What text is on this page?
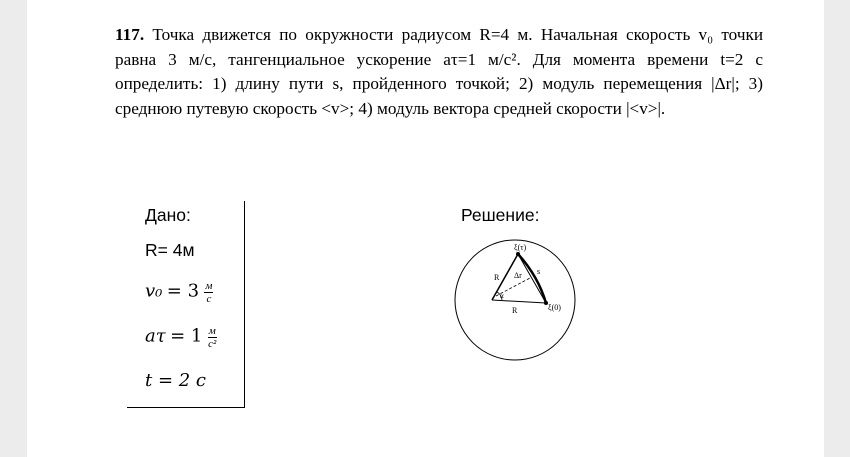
117. Точка движется по окружности радиусом R=4 м. Начальная скорость v₀ точки равна 3 м/с, тангенциальное ускорение aτ=1 м/с². Для момента времени t=2 с определить: 1) длину пути s, пройденного точкой; 2) модуль перемещения |Δr|; 3) среднюю путевую скорость <v>; 4) модуль вектора средней скорости |<v>|.
Дано:
R= 4м
$v_0 = 3 \frac{м}{с}$
$a\tau = 1 \frac{м}{\text{с²}}$
t = 2 c
Решение:
ξ(τ)
ξ(0)
R
R
s
Δr
α
